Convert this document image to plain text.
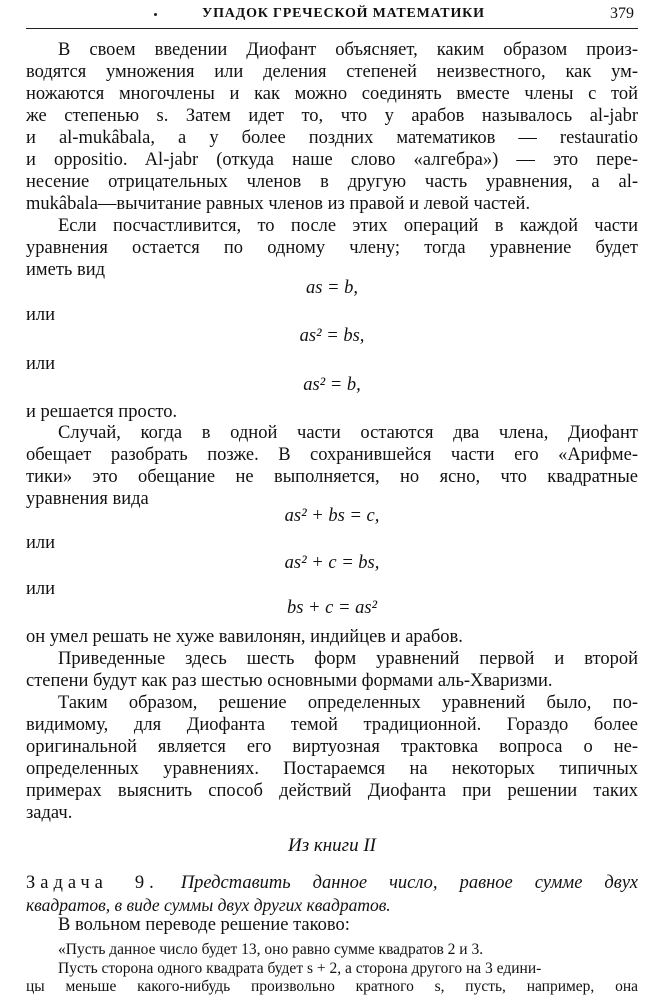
УПАДОК ГРЕЧЕСКОЙ МАТЕМАТИКИ	379
В своем введении Диофант объясняет, каким образом произ-
водятся умножения или деления степеней неизвестного, как ум-
ножаются многочлены и как можно соединять вместе члены с той
же степенью s. Затем идет то, что у арабов называлось al-jabr
и al-mukâbala, а у более поздних математиков — restauratio
и oppositio. Al-jabr (откуда наше слово «алгебра») — это пере-
несение отрицательных членов в другую часть уравнения, а al-
mukâbala—вычитание равных членов из правой и левой частей.
Если посчастливится, то после этих операций в каждой части
уравнения остается по одному члену; тогда уравнение будет
иметь вид
as = b,
или
as² = bs,
или
as² = b,
и решается просто.
Случай, когда в одной части остаются два члена, Диофант
обещает разобрать позже. В сохранившейся части его «Арифме-
тики» это обещание не выполняется, но ясно, что квадратные
уравнения вида
as² + bs = c,
или
as² + c = bs,
или
bs + c = as²
он умел решать не хуже вавилонян, индийцев и арабов.
Приведенные здесь шесть форм уравнений первой и второй
степени будут как раз шестью основными формами аль-Хваризми.
Таким образом, решение определенных уравнений было, по-
видимому, для Диофанта темой традиционной. Гораздо более
оригинальной является его виртуозная трактовка вопроса о не-
определенных уравнениях. Постараемся на некоторых типичных
примерах выяснить способ действий Диофанта при решении таких
задач.
Из книги II
Задача 9. Представить данное число, равное сумме двух
квадратов, в виде суммы двух других квадратов.
В вольном переводе решение таково:
«Пусть данное число будет 13, оно равно сумме квадратов 2 и 3.
Пусть сторона одного квадрата будет s + 2, а сторона другого на 3 едини-
цы меньше какого-нибудь произвольно кратного s, пусть, например, она
